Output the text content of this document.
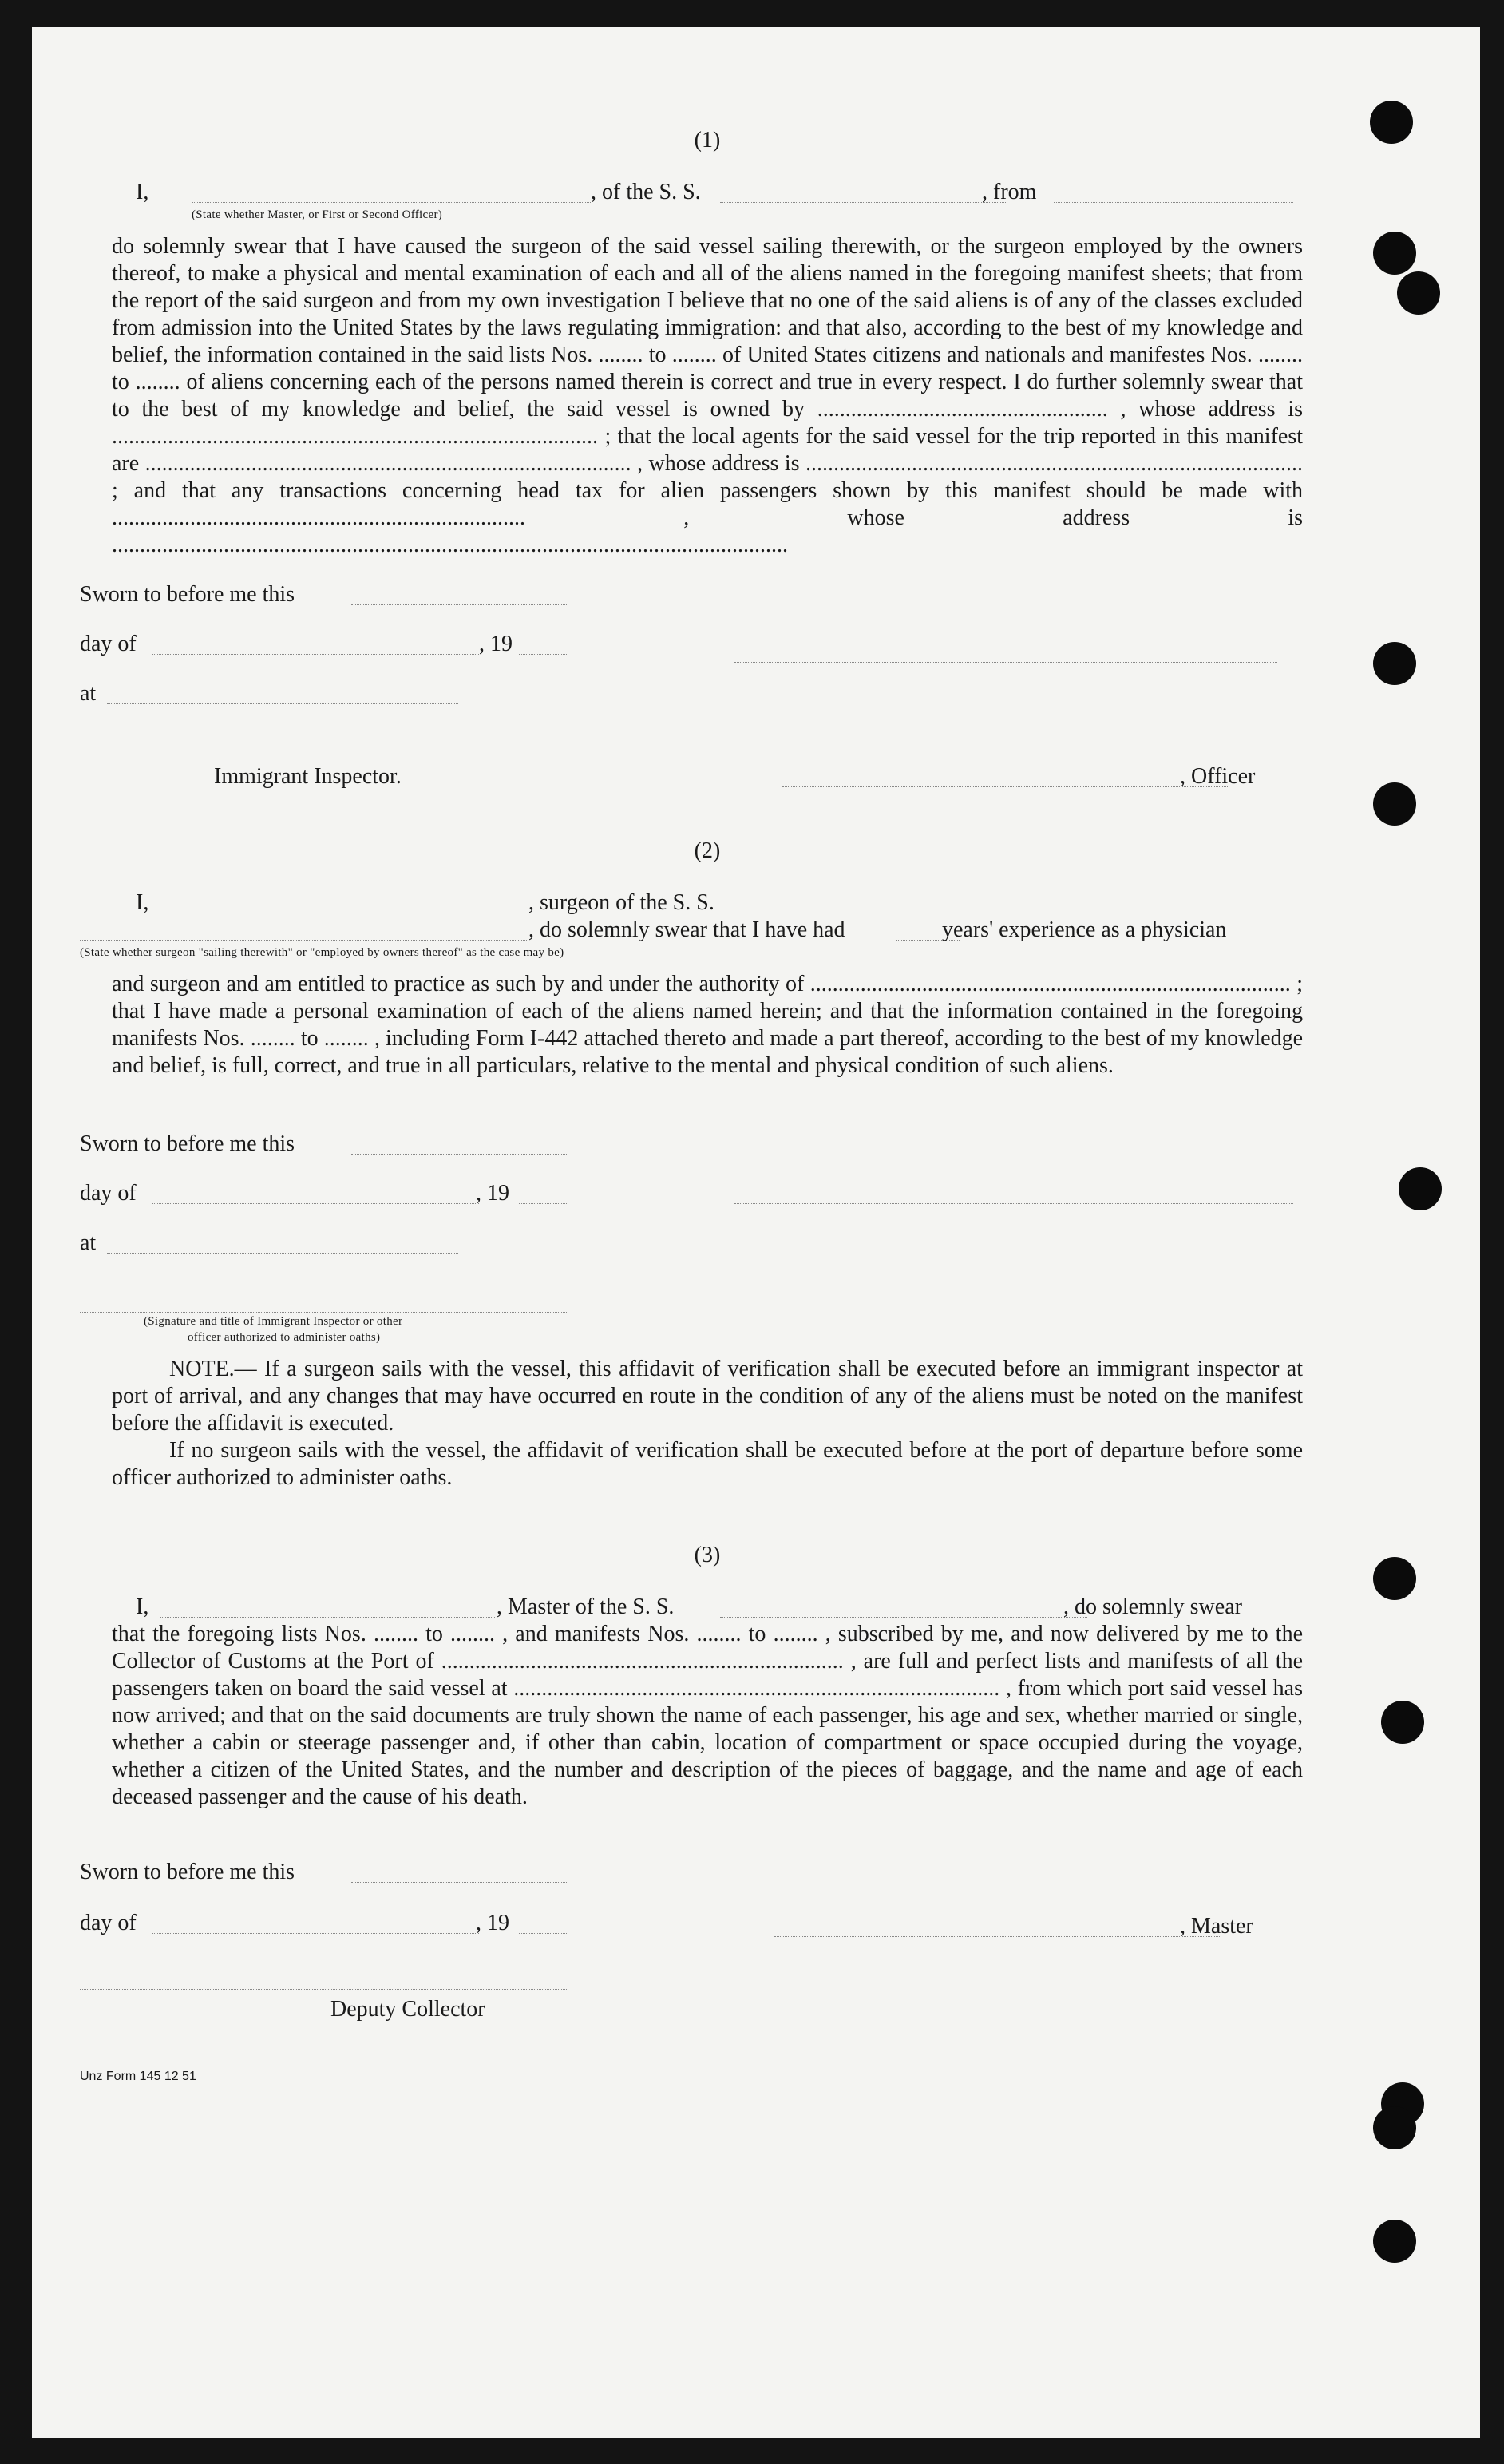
(1)
I,	, of the S. S.	, from
(State whether Master, or First or Second Officer)

do solemnly swear that I have caused the surgeon of the said vessel sailing therewith, or the surgeon employed by the owners thereof, to make a physical and mental examination of each and all of the aliens named in the foregoing manifest sheets; that from the report of the said surgeon and from my own investigation I believe that no one of the said aliens is of any of the classes excluded from admission into the United States by the laws regulating immigration: and that also, according to the best of my knowledge and belief, the information contained in the said lists Nos. ........ to ........ of United States citizens and nationals and manifestes Nos. ........ to ........ of aliens concerning each of the persons named therein is correct and true in every respect. I do further solemnly swear that to the best of my knowledge and belief, the said vessel is owned by .................................................... , whose address is ....................................................................................... ; that the local agents for the said vessel for the trip reported in this manifest are ....................................................................................... , whose address is ......................................................................................... ; and that any transactions concerning head tax for alien passengers shown by this manifest should be made with .......................................................................... , whose address is .........................................................................................................................

Sworn to before me this
day of	, 19
at
Immigrant Inspector.	, Officer
(2)
I,	, surgeon of the S. S.
, do solemnly swear that I have had	years' experience as a physician
(State whether surgeon "sailing therewith" or "employed by owners thereof" as the case may be)

and surgeon and am entitled to practice as such by and under the authority of ...................................................................................... ; that I have made a personal examination of each of the aliens named herein; and that the information contained in the foregoing manifests Nos. ........ to ........ , including Form I-442 attached thereto and made a part thereof, according to the best of my knowledge and belief, is full, correct, and true in all particulars, relative to the mental and physical condition of such aliens.

Sworn to before me this
day of	, 19
at
(Signature and title of Immigrant Inspector or other
officer authorized to administer oaths)

NOTE.— If a surgeon sails with the vessel, this affidavit of verification shall be executed before an immigrant inspector at port of arrival, and any changes that may have occurred en route in the condition of any of the aliens must be noted on the manifest before the affidavit is executed.

If no surgeon sails with the vessel, the affidavit of verification shall be executed before at the port of departure before some officer authorized to administer oaths.

(3)
I,	, Master of the S. S.	, do solemnly swear

that the foregoing lists Nos. ........ to ........ , and manifests Nos. ........ to ........ , subscribed by me, and now delivered by me to the Collector of Customs at the Port of ........................................................................ , are full and perfect lists and manifests of all the passengers taken on board the said vessel at ....................................................................................... , from which port said vessel has now arrived; and that on the said documents are truly shown the name of each passenger, his age and sex, whether married or single, whether a cabin or steerage passenger and, if other than cabin, location of compartment or space occupied during the voyage, whether a citizen of the United States, and the number and description of the pieces of baggage, and the name and age of each deceased passenger and the cause of his death.

Sworn to before me this
day of	, 19	, Master
Deputy Collector
Unz Form 145 12 51
